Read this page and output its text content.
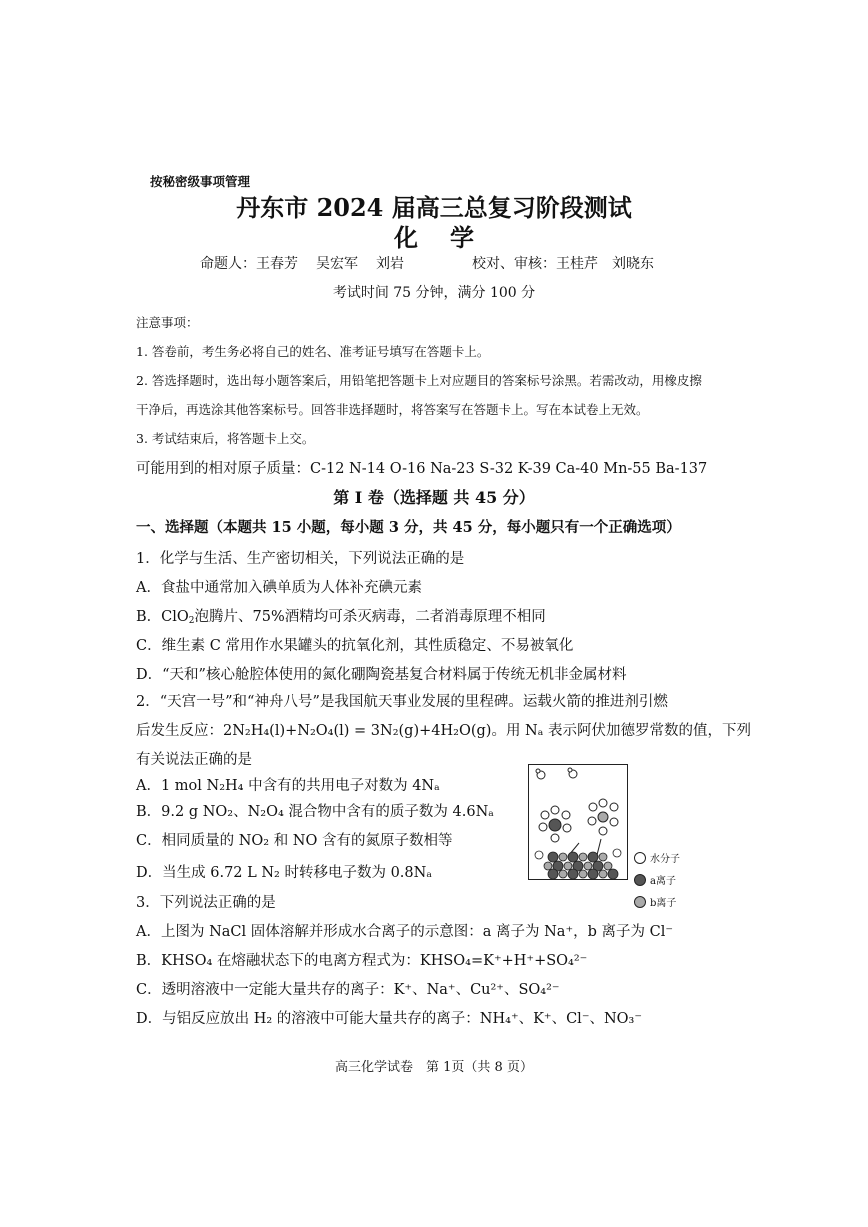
按秘密级事项管理
丹东市 2024 届高三总复习阶段测试
化学
命题人：王春芳 吴宏军 刘岩	校对、审核：王桂芹 刘晓东
考试时间 75 分钟，满分 100 分
注意事项：
1. 答卷前，考生务必将自己的姓名、准考证号填写在答题卡上。
2. 答选择题时，选出每小题答案后，用铅笔把答题卡上对应题目的答案标号涂黑。若需改动，用橡皮擦
干净后，再选涂其他答案标号。回答非选择题时，将答案写在答题卡上。写在本试卷上无效。
3. 考试结束后，将答题卡上交。
可能用到的相对原子质量：C-12 N-14 O-16 Na-23 S-32 K-39 Ca-40 Mn-55 Ba-137
第 Ⅰ 卷（选择题 共 45 分）
一、选择题（本题共 15 小题，每小题 3 分，共 45 分，每小题只有一个正确选项）
1．化学与生活、生产密切相关，下列说法正确的是
A．食盐中通常加入碘单质为人体补充碘元素
B．ClO$_2$泡腾片、75%酒精均可杀灭病毒，二者消毒原理不相同
C．维生素 C 常用作水果罐头的抗氧化剂，其性质稳定、不易被氧化
D．“天和”核心舱腔体使用的氮化硼陶瓷基复合材料属于传统无机非金属材料
2．“天宫一号”和“神舟八号”是我国航天事业发展的里程碑。运载火箭的推进剂引燃
后发生反应：2N₂H₄(l)+N₂O₄(l) = 3N₂(g)+4H₂O(g)。用 Nₐ 表示阿伏加德罗常数的值，下列
有关说法正确的是
A．1 mol N₂H₄ 中含有的共用电子对数为 4Nₐ
B．9.2 g NO₂、N₂O₄ 混合物中含有的质子数为 4.6Nₐ
C．相同质量的 NO₂ 和 NO 含有的氮原子数相等
D．当生成 6.72 L N₂ 时转移电子数为 0.8Nₐ
水分子
a离子
b离子
3．下列说法正确的是
A．上图为 NaCl 固体溶解并形成水合离子的示意图：a 离子为 Na⁺，b 离子为 Cl⁻
B．KHSO₄ 在熔融状态下的电离方程式为：KHSO₄=K⁺+H⁺+SO₄²⁻
C．透明溶液中一定能大量共存的离子：K⁺、Na⁺、Cu²⁺、SO₄²⁻
D．与铝反应放出 H₂ 的溶液中可能大量共存的离子：NH₄⁺、K⁺、Cl⁻、NO₃⁻
高三化学试卷　第 1页（共 8 页）
